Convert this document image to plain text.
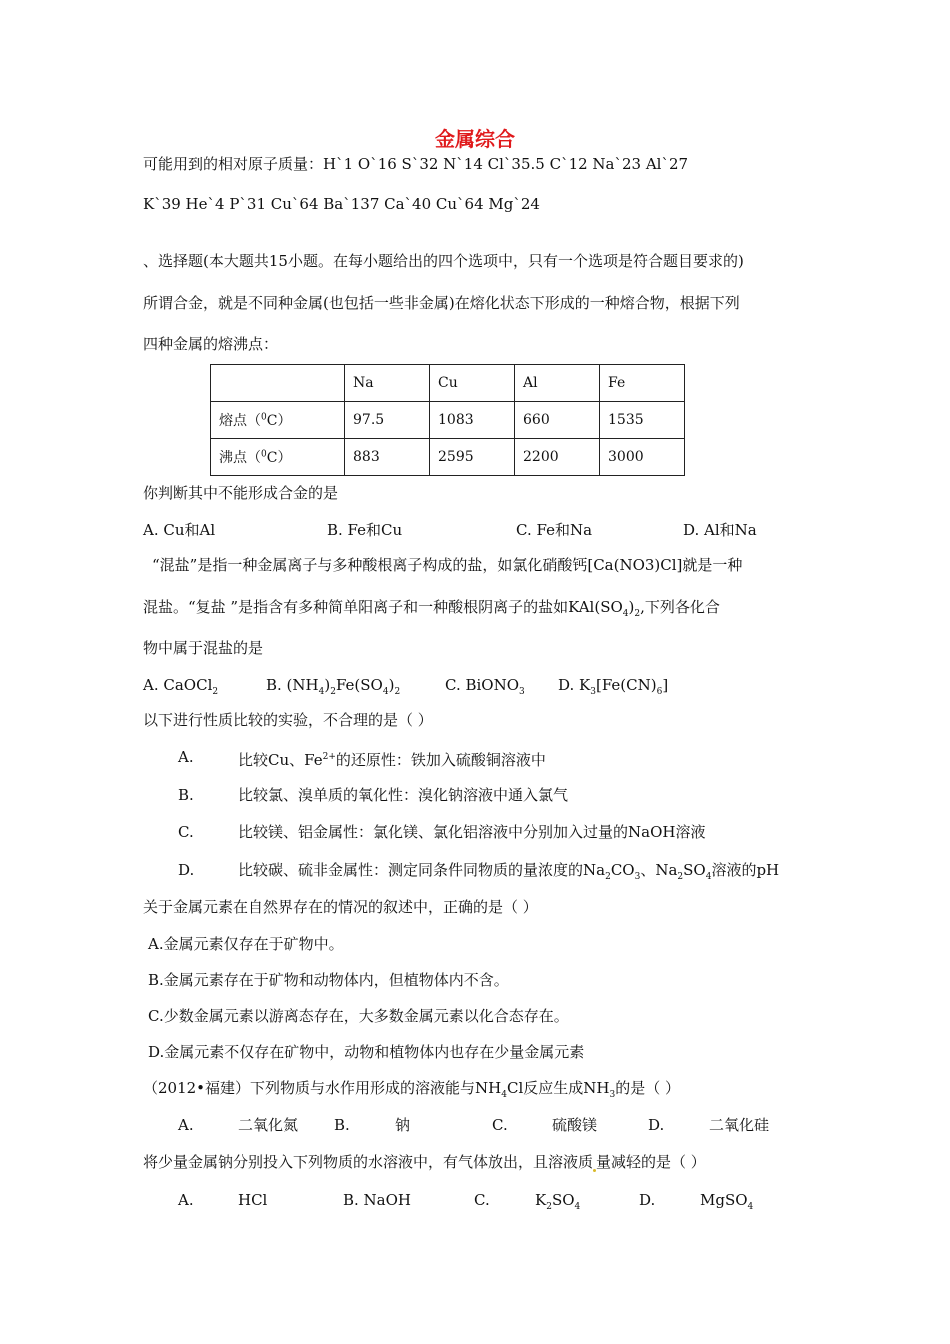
金属综合
可能用到的相对原子质量：H`1 O`16 S`32 N`14 Cl`35.5 C`12 Na`23 Al`27
K`39 He`4 P`31 Cu`64 Ba`137 Ca`40 Cu`64 Mg`24
、选择题(本大题共15小题。在每小题给出的四个选项中，只有一个选项是符合题目要求的)
所谓合金，就是不同种金属(也包括一些非金属)在熔化状态下形成的一种熔合物，根据下列
四种金属的熔沸点：
	Na	Cu	Al	Fe
熔点（$^0$C）	97.5	1083	660	1535
沸点（$^0$C）	883	2595	2200	3000
你判断其中不能形成合金的是
A. Cu和Al	B. Fe和Cu	C. Fe和Na	D. Al和Na
“混盐”是指一种金属离子与多种酸根离子构成的盐，如氯化硝酸钙[Ca(NO3)Cl]就是一种
混盐。“复盐 ”是指含有多种简单阳离子和一种酸根阴离子的盐如$KAl(SO_4)_2$,下列各化合
物中属于混盐的是
A. CaOCl$_2$	B. $(NH_4)_2Fe(SO_4)_2$	C. BiONO$_3$ D. $K_3[Fe(CN)_6]$
以下进行性质比较的实验，不合理的是（ ）
A.	比较Cu、$Fe^{2+}$的还原性：铁加入硫酸铜溶液中
B.	比较氯、溴单质的氧化性：溴化钠溶液中通入氯气
C.	比较镁、铝金属性：氯化镁、氯化铝溶液中分别加入过量的NaOH溶液
D.	比较碳、硫非金属性：测定同条件同物质的量浓度的$Na_2CO_3$、$Na_2SO_4$溶液的pH
关于金属元素在自然界存在的情况的叙述中，正确的是（ ）
A.金属元素仅存在于矿物中。
B.金属元素存在于矿物和动物体内，但植物体内不含。
C.少数金属元素以游离态存在，大多数金属元素以化合态存在。
D.金属元素不仅存在矿物中，动物和植物体内也存在少量金属元素
（2012•福建）下列物质与水作用形成的溶液能与$NH_4Cl$反应生成$NH_3$的是（ ）
A.	二氧化氮 B.	钠	C.	硫酸镁	D.	二氧化硅
将少量金属钠分别投入下列物质的水溶液中，有气体放出，且溶液质 量减轻的是（ ）
A.	HCl	B. NaOH	C.	$K_2SO_4$	D.	MgSO$_4$
